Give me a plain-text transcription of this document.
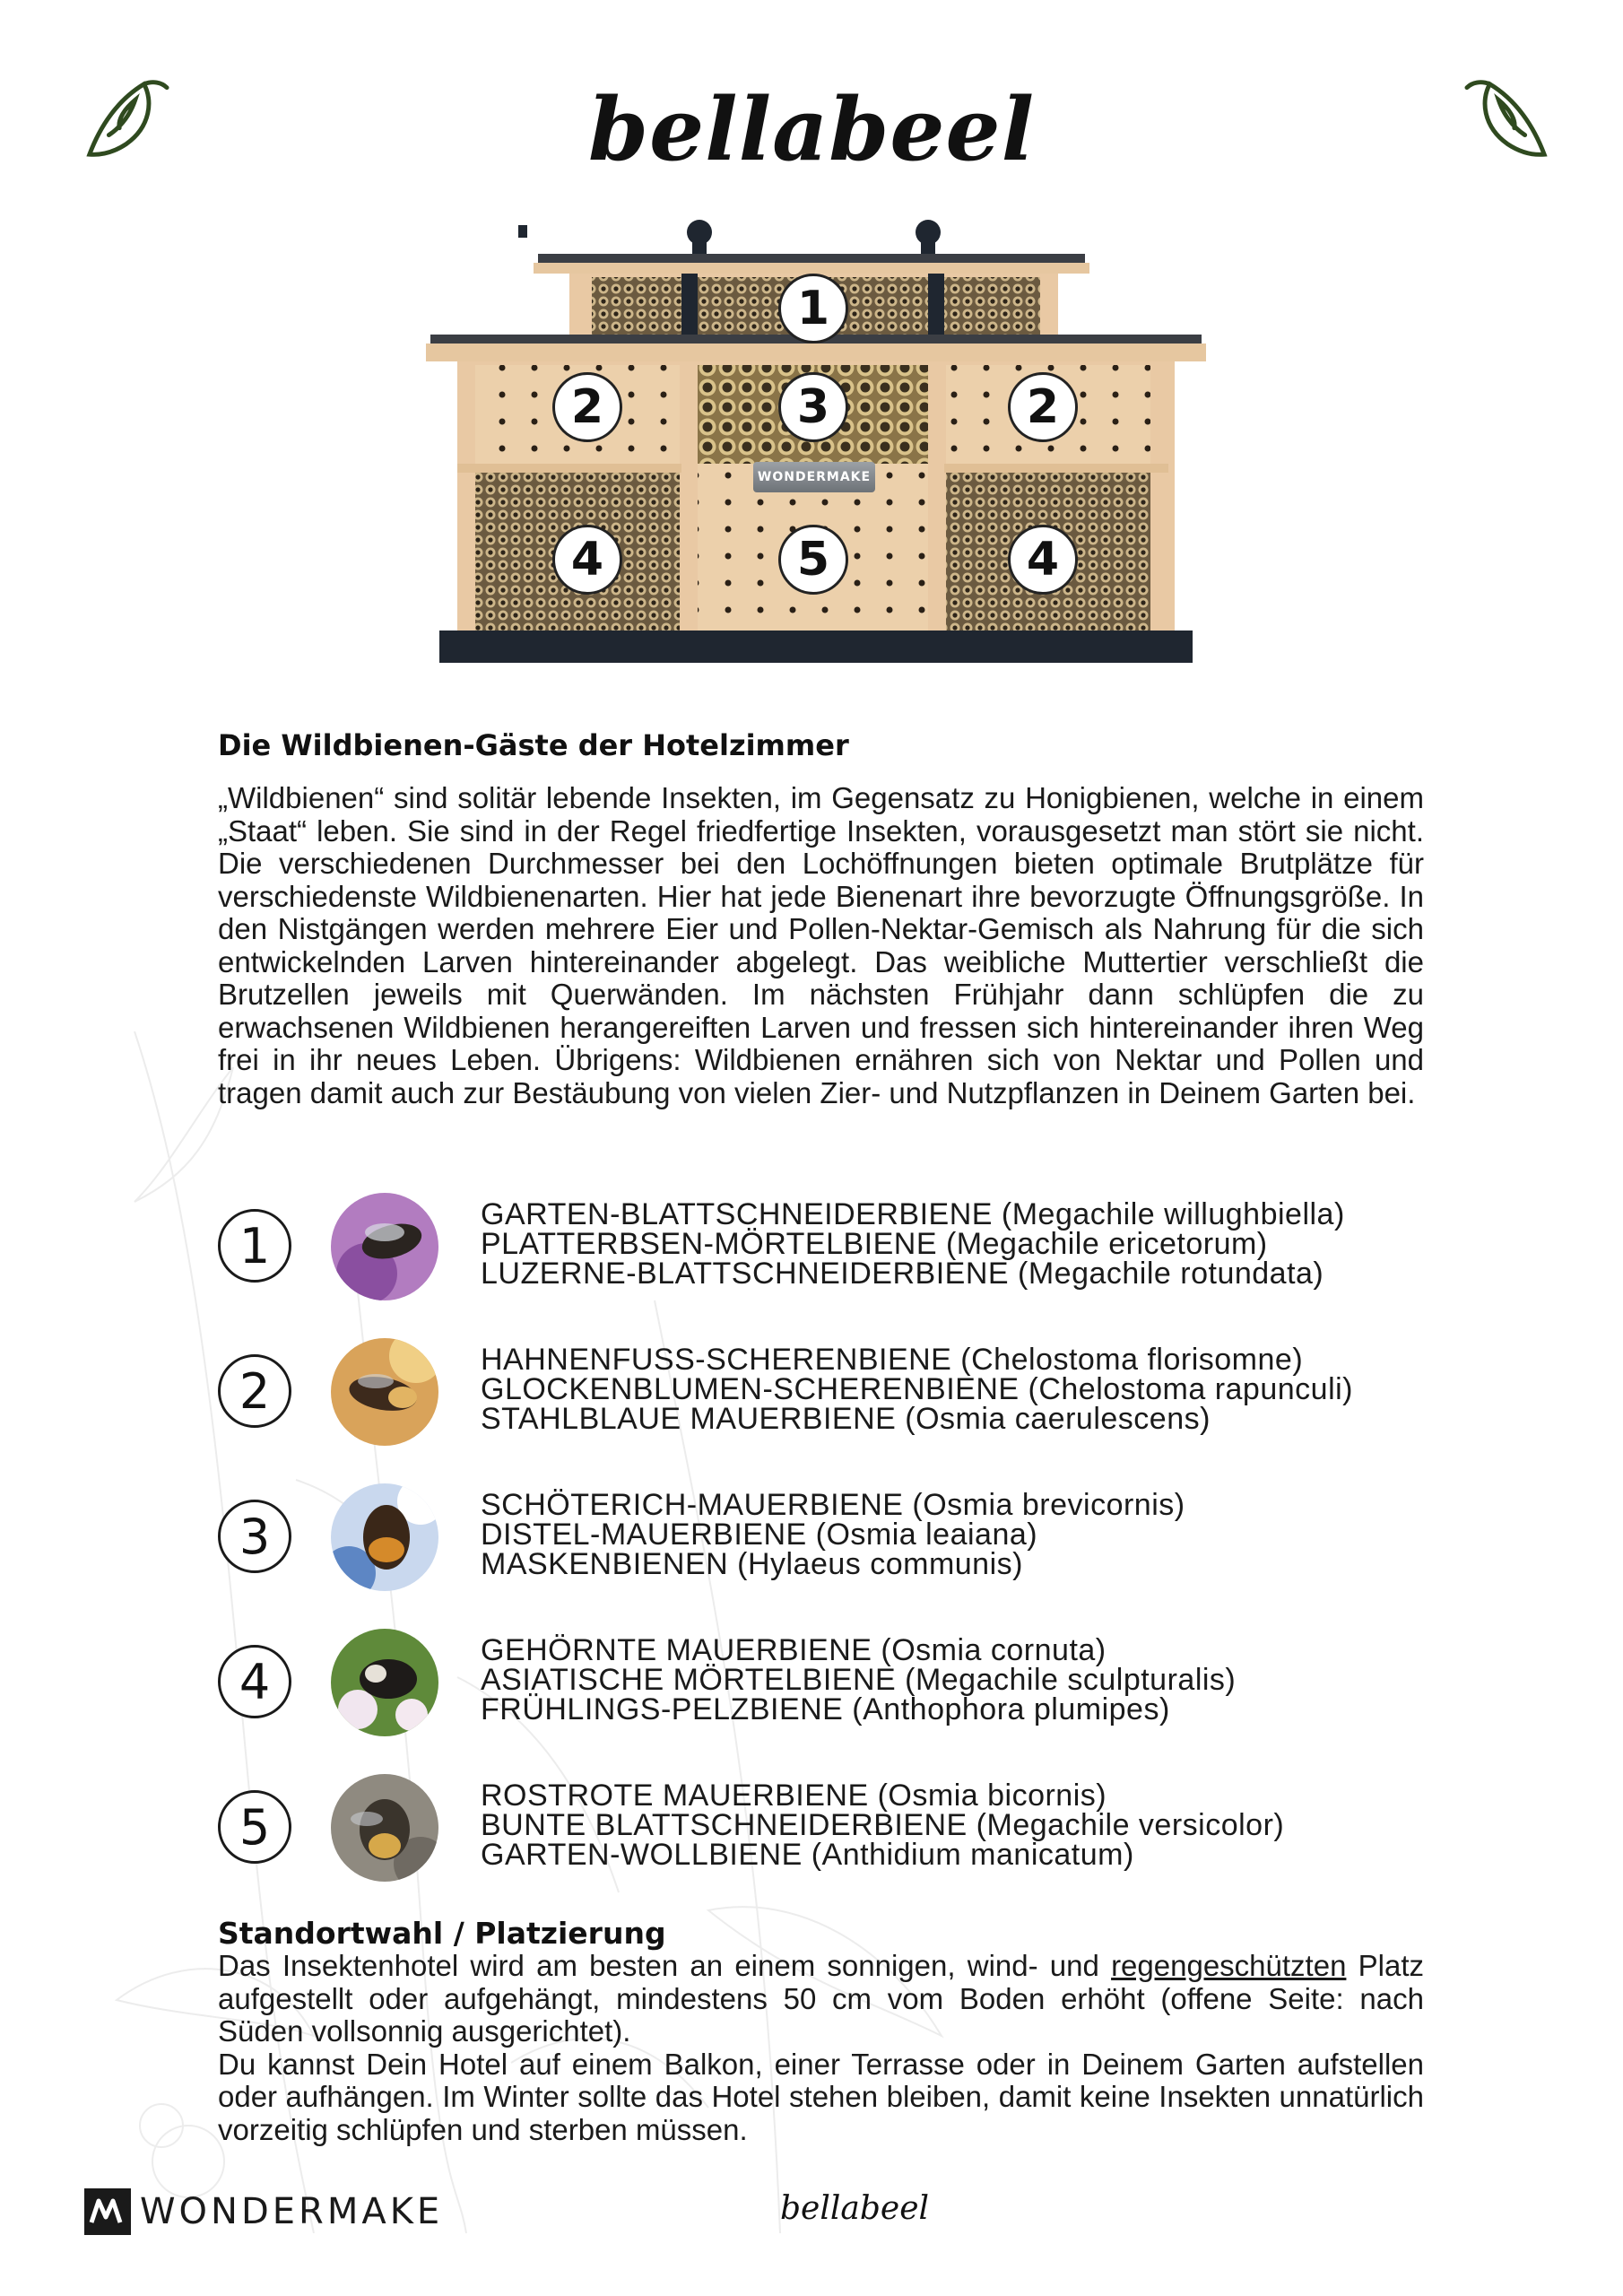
bellabeel
WONDERMAKE
1
2	3	2
4	5	4
Die Wildbienen-Gäste der Hotelzimmer

„Wildbienen“ sind solitär lebende Insekten, im Gegensatz zu Honigbienen, welche in einem „Staat“ leben. Sie sind in der Regel friedfertige Insekten, vorausgesetzt man stört sie nicht. Die verschiedenen Durchmesser bei den Lochöffnungen bieten optimale Brutplätze für verschiedenste Wildbienenarten. Hier hat jede Bienenart ihre bevorzugte Öffnungsgröße. In den Nistgängen werden mehrere Eier und Pollen-Nektar-Gemisch als Nahrung für die sich entwickelnden Larven hintereinander abgelegt. Das weibliche Muttertier verschließt die Brutzellen jeweils mit Querwänden. Im nächsten Frühjahr dann schlüpfen die zu erwachsenen Wildbienen herangereiften Larven und fressen sich hintereinander ihren Weg frei in ihr neues Leben. Übrigens: Wildbienen ernähren sich von Nektar und Pollen und tragen damit auch zur Bestäubung von vielen Zier- und Nutzpflanzen in Deinem Garten bei.

1
GARTEN-BLATTSCHNEIDERBIENE (Megachile willughbiella)
PLATTERBSEN-MÖRTELBIENE (Megachile ericetorum)
LUZERNE-BLATTSCHNEIDERBIENE (Megachile rotundata)
2
HAHNENFUSS-SCHERENBIENE (Chelostoma florisomne)
GLOCKENBLUMEN-SCHERENBIENE (Chelostoma rapunculi)
STAHLBLAUE MAUERBIENE (Osmia caerulescens)
3
SCHÖTERICH-MAUERBIENE (Osmia brevicornis)
DISTEL-MAUERBIENE (Osmia leaiana)
MASKENBIENEN (Hylaeus communis)
4
GEHÖRNTE MAUERBIENE (Osmia cornuta)
ASIATISCHE MÖRTELBIENE (Megachile sculpturalis)
FRÜHLINGS-PELZBIENE (Anthophora plumipes)
5
ROSTROTE MAUERBIENE (Osmia bicornis)
BUNTE BLATTSCHNEIDERBIENE (Megachile versicolor)
GARTEN-WOLLBIENE (Anthidium manicatum)
Standortwahl / Platzierung

Das Insektenhotel wird am besten an einem sonnigen, wind- und regengeschützten Platz aufgestellt oder aufgehängt, mindestens 50 cm vom Boden erhöht (offene Seite: nach Süden vollsonnig ausgerichtet).

Du kannst Dein Hotel auf einem Balkon, einer Terrasse oder in Deinem Garten aufstellen oder aufhängen. Im Winter sollte das Hotel stehen bleiben, damit keine Insekten unnatürlich vorzeitig schlüpfen und sterben müssen.

WONDERMAKE	bellabeel
